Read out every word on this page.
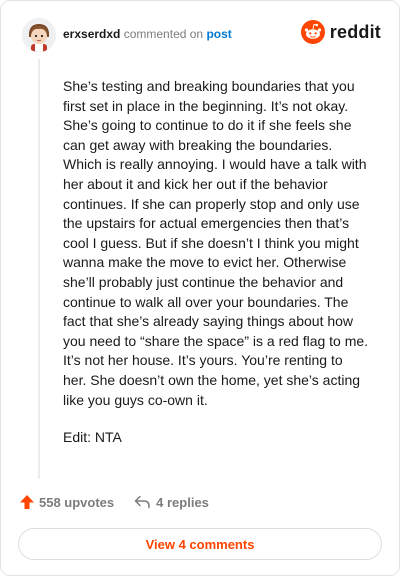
erxserdxd commented on post	reddit

She’s testing and breaking boundaries that you first set in place in the beginning. It’s not okay. She’s going to continue to do it if she feels she can get away with breaking the boundaries. Which is really annoying. I would have a talk with her about it and kick her out if the behavior continues. If she can properly stop and only use the upstairs for actual emergencies then that’s cool I guess. But if she doesn’t I think you might wanna make the move to evict her. Otherwise she’ll probably just continue the behavior and continue to walk all over your boundaries. The fact that she’s already saying things about how you need to “share the space” is a red flag to me. It’s not her house. It’s yours. You’re renting to her. She doesn’t own the home, yet she’s acting like you guys co-own it.

Edit: NTA

558 upvotes	4 replies
View 4 comments
